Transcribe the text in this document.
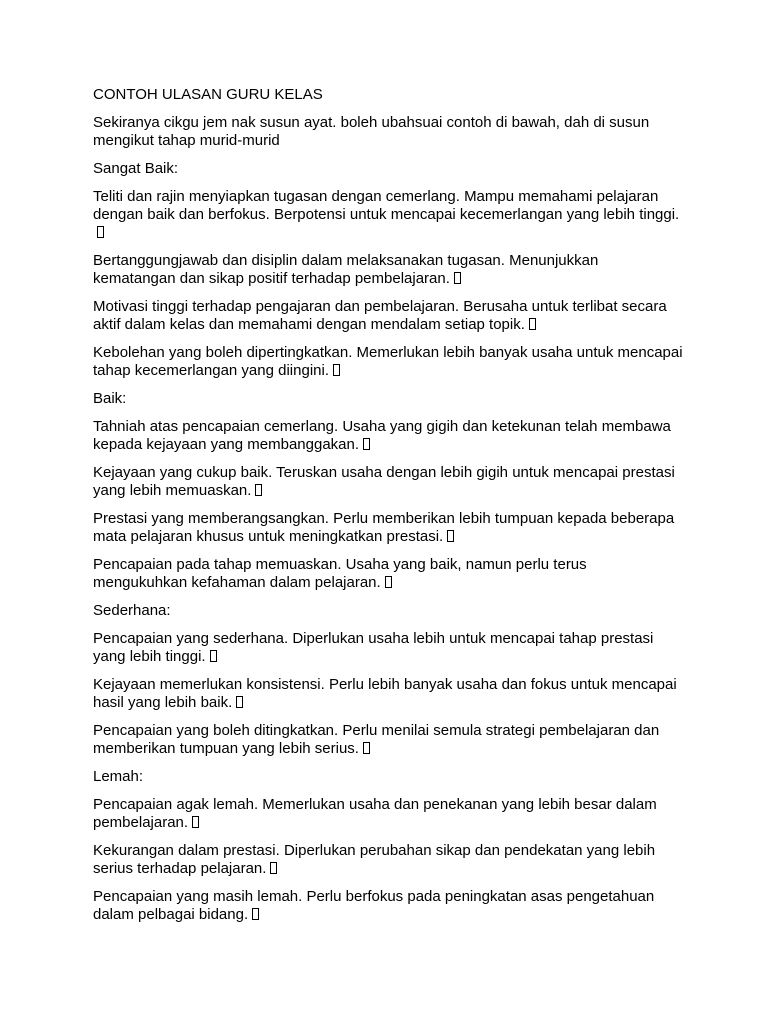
CONTOH ULASAN GURU KELAS

Sekiranya cikgu jem nak susun ayat. boleh ubahsuai contoh di bawah, dah di susun mengikut tahap murid-murid

Sangat Baik:

Teliti dan rajin menyiapkan tugasan dengan cemerlang. Mampu memahami pelajaran dengan baik dan berfokus. Berpotensi untuk mencapai kecemerlangan yang lebih tinggi.

Bertanggungjawab dan disiplin dalam melaksanakan tugasan. Menunjukkan kematangan dan sikap positif terhadap pembelajaran.

Motivasi tinggi terhadap pengajaran dan pembelajaran. Berusaha untuk terlibat secara aktif dalam kelas dan memahami dengan mendalam setiap topik.

Kebolehan yang boleh dipertingkatkan. Memerlukan lebih banyak usaha untuk mencapai tahap kecemerlangan yang diingini.

Baik:

Tahniah atas pencapaian cemerlang. Usaha yang gigih dan ketekunan telah membawa kepada kejayaan yang membanggakan.

Kejayaan yang cukup baik. Teruskan usaha dengan lebih gigih untuk mencapai prestasi yang lebih memuaskan.

Prestasi yang memberangsangkan. Perlu memberikan lebih tumpuan kepada beberapa mata pelajaran khusus untuk meningkatkan prestasi.

Pencapaian pada tahap memuaskan. Usaha yang baik, namun perlu terus mengukuhkan kefahaman dalam pelajaran.

Sederhana:

Pencapaian yang sederhana. Diperlukan usaha lebih untuk mencapai tahap prestasi yang lebih tinggi.

Kejayaan memerlukan konsistensi. Perlu lebih banyak usaha dan fokus untuk mencapai hasil yang lebih baik.

Pencapaian yang boleh ditingkatkan. Perlu menilai semula strategi pembelajaran dan memberikan tumpuan yang lebih serius.

Lemah:

Pencapaian agak lemah. Memerlukan usaha dan penekanan yang lebih besar dalam pembelajaran.

Kekurangan dalam prestasi. Diperlukan perubahan sikap dan pendekatan yang lebih serius terhadap pelajaran.

Pencapaian yang masih lemah. Perlu berfokus pada peningkatan asas pengetahuan dalam pelbagai bidang.
